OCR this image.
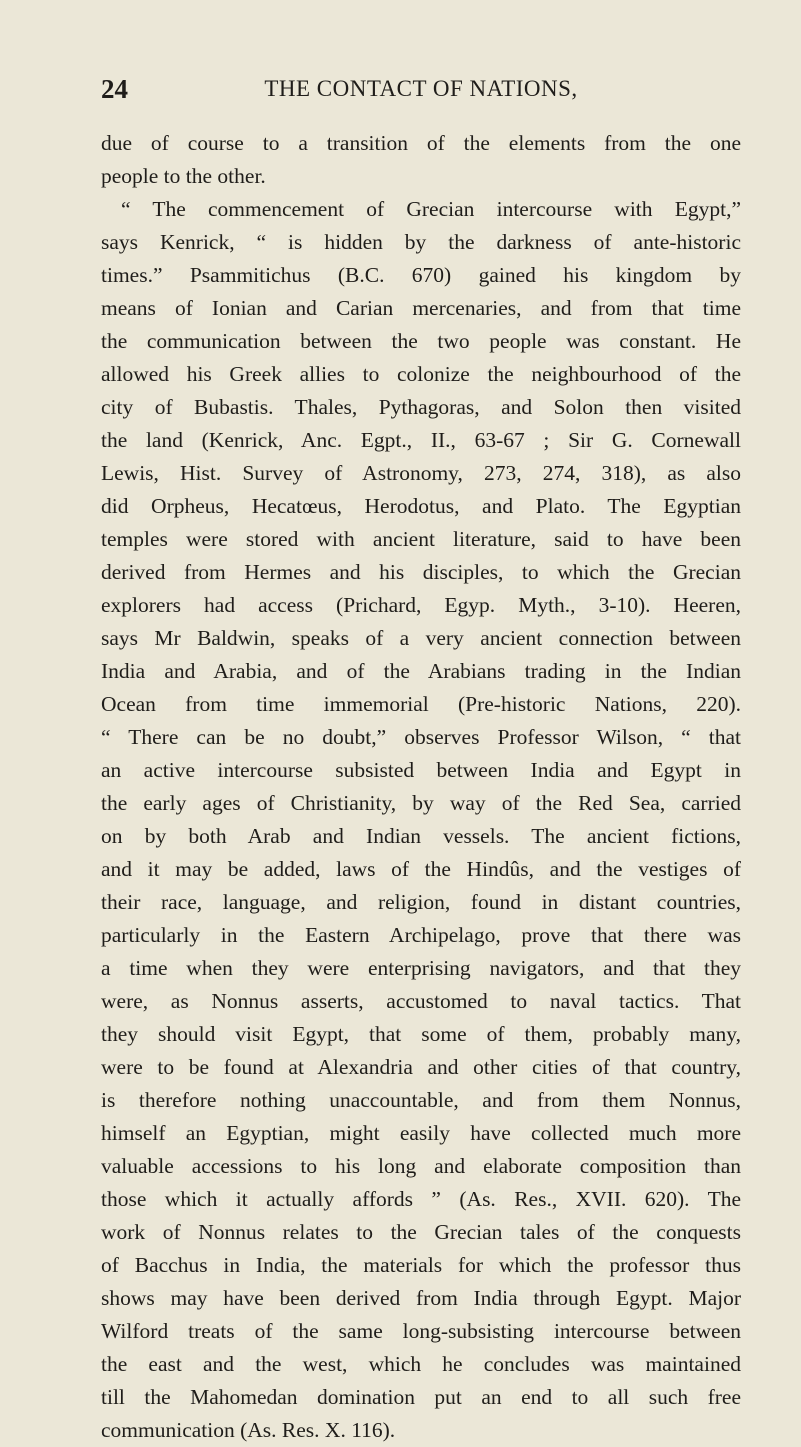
24	THE CONTACT OF NATIONS,
due of course to a transition of the elements from the one
people to the other.
“ The commencement of Grecian intercourse with Egypt,”
says Kenrick, “ is hidden by the darkness of ante-historic
times.” Psammitichus (B.C. 670) gained his kingdom by
means of Ionian and Carian mercenaries, and from that time
the communication between the two people was constant. He
allowed his Greek allies to colonize the neighbourhood of the
city of Bubastis. Thales, Pythagoras, and Solon then visited
the land (Kenrick, Anc. Egpt., II., 63-67 ; Sir G. Cornewall
Lewis, Hist. Survey of Astronomy, 273, 274, 318), as also
did Orpheus, Hecatœus, Herodotus, and Plato. The Egyptian
temples were stored with ancient literature, said to have been
derived from Hermes and his disciples, to which the Grecian
explorers had access (Prichard, Egyp. Myth., 3-10). Heeren,
says Mr Baldwin, speaks of a very ancient connection between
India and Arabia, and of the Arabians trading in the Indian
Ocean from time immemorial (Pre-historic Nations, 220).
“ There can be no doubt,” observes Professor Wilson, “ that
an active intercourse subsisted between India and Egypt in
the early ages of Christianity, by way of the Red Sea, carried
on by both Arab and Indian vessels. The ancient fictions,
and it may be added, laws of the Hindûs, and the vestiges of
their race, language, and religion, found in distant countries,
particularly in the Eastern Archipelago, prove that there was
a time when they were enterprising navigators, and that they
were, as Nonnus asserts, accustomed to naval tactics. That
they should visit Egypt, that some of them, probably many,
were to be found at Alexandria and other cities of that country,
is therefore nothing unaccountable, and from them Nonnus,
himself an Egyptian, might easily have collected much more
valuable accessions to his long and elaborate composition than
those which it actually affords ” (As. Res., XVII. 620). The
work of Nonnus relates to the Grecian tales of the conquests
of Bacchus in India, the materials for which the professor thus
shows may have been derived from India through Egypt. Major
Wilford treats of the same long-subsisting intercourse between
the east and the west, which he concludes was maintained
till the Mahomedan domination put an end to all such free
communication (As. Res. X. 116).
